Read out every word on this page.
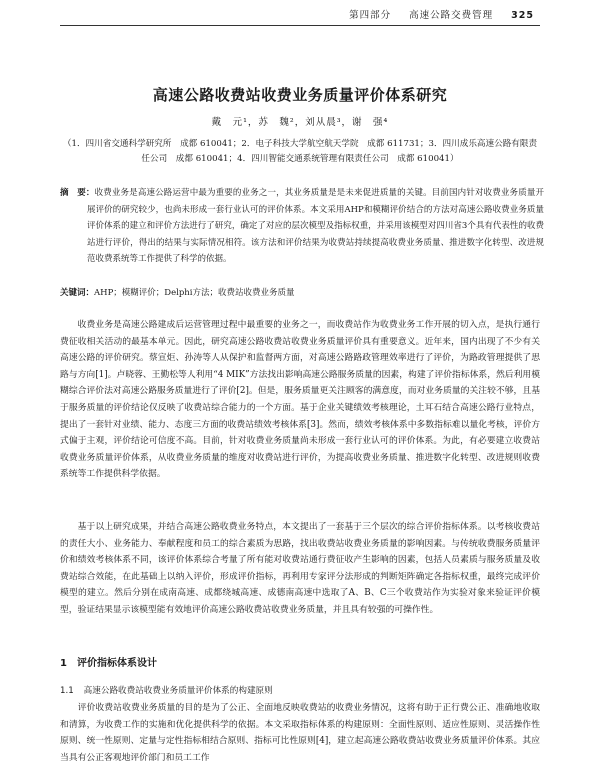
第四部分 高速公路交费管理 325
高速公路收费站收费业务质量评价体系研究
戴　元¹，苏　魏²，刘从晨³，谢　强⁴
（1．四川省交通科学研究所　成都 610041；2．电子科技大学航空航天学院　成都 611731；3．四川成乐高速公路有限责任公司　成都 610041；4．四川智能交通系统管理有限责任公司　成都 610041）
摘　要：收费业务是高速公路运营中最为重要的业务之一，其业务质量是是未来促进质量的关键。目前国内针对收费业务质量开展评价的研究较少，也尚未形成一套行业认可的评价体系。本文采用AHP和模糊评价结合的方法对高速公路收费业务质量评价体系的建立和评价方法进行了研究，确定了对应的层次模型及指标权重，并采用该模型对四川省3个具有代表性的收费站进行评价，得出的结果与实际情况相符。该方法和评价结果为收费站持续提高收费业务质量、推进数字化转型、改进规范收费系统等工作提供了科学的依据。
关键词：AHP；模糊评价；Delphi方法；收费站收费业务质量

收费业务是高速公路建成后运营管理过程中最重要的业务之一，而收费站作为收费业务工作开展的切入点，是执行通行费征收相关活动的最基本单元。因此，研究高速公路收费站收费业务质量评价具有重要意义。近年来，国内出现了不少有关高速公路的评价研究。蔡宣炬、孙涛等人从保护和监督两方面，对高速公路路政管理效率进行了评价，为路政管理提供了思路与方向[1]。卢晓蓉、王勤松等人利用“4 MIK”方法找出影响高速公路服务质量的因素，构建了评价指标体系，然后利用模糊综合评价法对高速公路服务质量进行了评价[2]。但是，服务质量更关注顾客的满意度，而对业务质量的关注较不够，且基于服务质量的评价结论仅反映了收费站综合能力的一个方面。基于企业关键绩效考核理论，土耳石结合高速公路行业特点，提出了一套针对业绩、能力、态度三方面的收费站绩效考核体系[3]。然而，绩效考核体系中多数指标难以量化考核，评价方式偏于主观，评价结论可信度不高。目前，针对收费业务质量尚未形成一套行业认可的评价体系。为此，有必要建立收费站收费业务质量评价体系，从收费业务质量的维度对收费站进行评价，为提高收费业务质量、推进数字化转型、改进规则收费系统等工作提供科学依据。

基于以上研究成果，并结合高速公路收费业务特点，本文提出了一套基于三个层次的综合评价指标体系。以考核收费站的责任大小、业务能力、奉献程度和员工的综合素质为思路，找出收费站收费业务质量的影响因素。与传统收费服务质量评价和绩效考核体系不同，该评价体系综合考量了所有能对收费站通行费征收产生影响的因素，包括人员素质与服务质量及收费站综合效能，在此基础上以纳入评价，形成评价指标，再利用专家评分法形成的判断矩阵确定各指标权重，最终完成评价模型的建立。然后分别在成南高速、成都绕城高速、成德南高速中选取了A、B、C三个收费站作为实验对象来验证评价模型，验证结果显示该模型能有效地评价高速公路收费站收费业务质量，并且具有较强的可操作性。

1 评价指标体系设计
1.1 高速公路收费站收费业务质量评价体系的构建原则

评价收费站收费业务质量的目的是为了公正、全面地反映收费站的收费业务情况，这将有助于正行费公正、准确地收取和清算，为收费工作的实施和优化提供科学的依据。本文采取指标体系的构建原则：全面性原则、适应性原则、灵活操作性原则、统一性原则、定量与定性指标相结合原则、指标可比性原则[4]，建立起高速公路收费站收费业务质量评价体系。其应当具有公正客观地评价部门和员工工作
